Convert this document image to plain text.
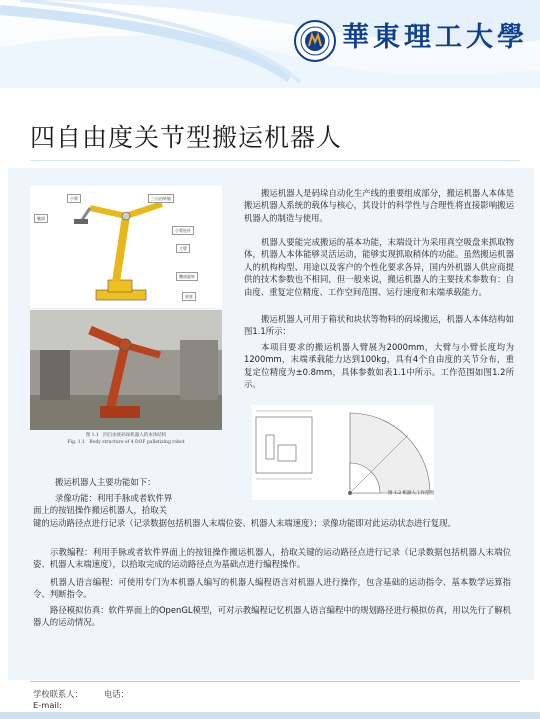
華東理工大學
四自由度关节型搬运机器人
小臂	三自由转轴
腕部
小臂连杆
大臂
腰部旋转
底座
图 1.1　四自由度码垛机器人的本体结构
Fig. 1.1　Body structure of 4 DOF palletizing robot
搬运机器人是码垛自动化生产线的重要组成部分，搬运机器人本体是搬运机器人系统的载体与核心，其设计的科学性与合理性将直接影响搬运机器人的制造与使用。
机器人要能完成搬运的基本功能，末端设计为采用真空吸盘来抓取物体，机器人本体能够灵活运动，能够实现抓取稍体的功能。虽然搬运机器人的机构构型、用途以及客户的个性化要求各异，国内外机器人供应商提供的技术参数也不相同，但一般来说，搬运机器人的主要技术参数有：自由度、重复定位精度、工作空间范围、运行速度和末端承载能力。
搬运机器人可用于箱状和块状等物料的码垛搬运，机器人本体结构如图1.1所示：
本项目要求的搬运机器人臂展为2000mm，大臂与小臂长度均为1200mm，末端承载能力达到100kg，具有4个自由度的关节分布，重复定位精度为±0.8mm，具体参数如表1.1中所示。工作范围如图1.2所示。
图 1.2 机器人工作范围
搬运机器人主要功能如下：
录像功能：利用手脉或者软件界
面上的按钮操作搬运机器人，拾取关
键的运动路径点进行记录（记录数据包括机器人末端位姿、机器人末端速度）；录像功能即对此运动状态进行复现。
示教编程：利用手脉或者软件界面上的按钮操作搬运机器人，拾取关键的运动路径点进行记录（记录数据包括机器人末端位姿、机器人末端速度），以拾取完成的运动路径点为基础点进行编程操作。
机器人语言编程：可使用专门为本机器人编写的机器人编程语言对机器人进行操作，包含基础的运动指令、基本数学运算指令、判断指令。
路径模拟仿真：软件界面上的OpenGL模型，可对示教编程记忆机器人语言编程中的规划路径进行模拟仿真，用以先行了解机器人的运动情况。
学校联系人：	电话：
E-mail:
